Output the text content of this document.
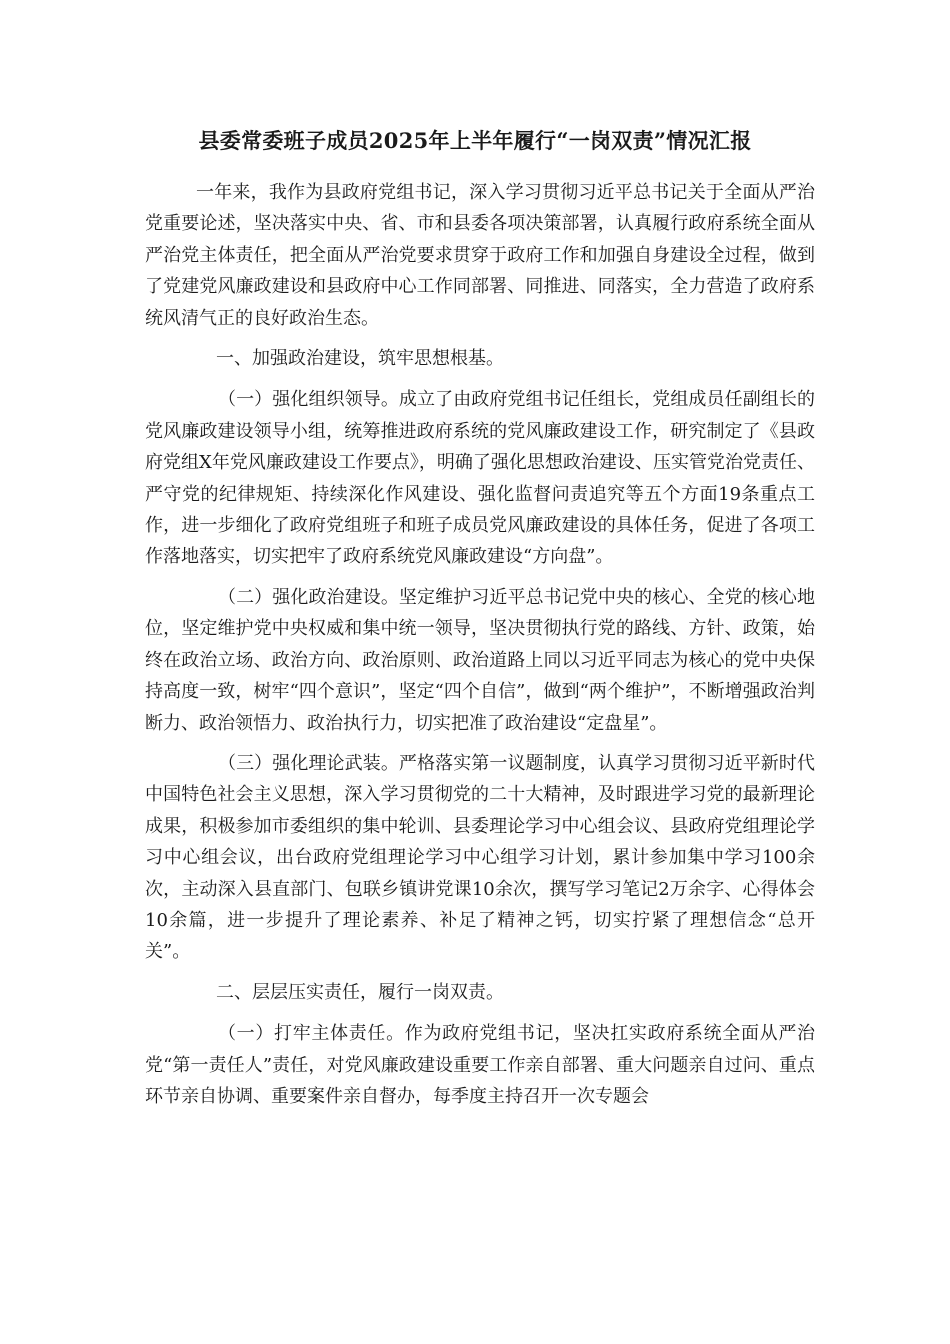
县委常委班子成员2025年上半年履行“一岗双责”情况汇报

一年来，我作为县政府党组书记，深入学习贯彻习近平总书记关于全面从严治党重要论述，坚决落实中央、省、市和县委各项决策部署，认真履行政府系统全面从严治党主体责任，把全面从严治党要求贯穿于政府工作和加强自身建设全过程，做到了党建党风廉政建设和县政府中心工作同部署、同推进、同落实，全力营造了政府系统风清气正的良好政治生态。

一、加强政治建设，筑牢思想根基。

（一）强化组织领导。成立了由政府党组书记任组长，党组成员任副组长的党风廉政建设领导小组，统筹推进政府系统的党风廉政建设工作，研究制定了《县政府党组X年党风廉政建设工作要点》，明确了强化思想政治建设、压实管党治党责任、严守党的纪律规矩、持续深化作风建设、强化监督问责追究等五个方面19条重点工作，进一步细化了政府党组班子和班子成员党风廉政建设的具体任务，促进了各项工作落地落实，切实把牢了政府系统党风廉政建设“方向盘”。

（二）强化政治建设。坚定维护习近平总书记党中央的核心、全党的核心地位，坚定维护党中央权威和集中统一领导，坚决贯彻执行党的路线、方针、政策，始终在政治立场、政治方向、政治原则、政治道路上同以习近平同志为核心的党中央保持高度一致，树牢“四个意识”，坚定“四个自信”，做到“两个维护”，不断增强政治判断力、政治领悟力、政治执行力，切实把准了政治建设“定盘星”。

（三）强化理论武装。严格落实第一议题制度，认真学习贯彻习近平新时代中国特色社会主义思想，深入学习贯彻党的二十大精神，及时跟进学习党的最新理论成果，积极参加市委组织的集中轮训、县委理论学习中心组会议、县政府党组理论学习中心组会议，出台政府党组理论学习中心组学习计划，累计参加集中学习100余次，主动深入县直部门、包联乡镇讲党课10余次，撰写学习笔记2万余字、心得体会10余篇，进一步提升了理论素养、补足了精神之钙，切实拧紧了理想信念“总开关”。

二、层层压实责任，履行一岗双责。

（一）打牢主体责任。作为政府党组书记，坚决扛实政府系统全面从严治党“第一责任人”责任，对党风廉政建设重要工作亲自部署、重大问题亲自过问、重点环节亲自协调、重要案件亲自督办，每季度主持召开一次专题会
